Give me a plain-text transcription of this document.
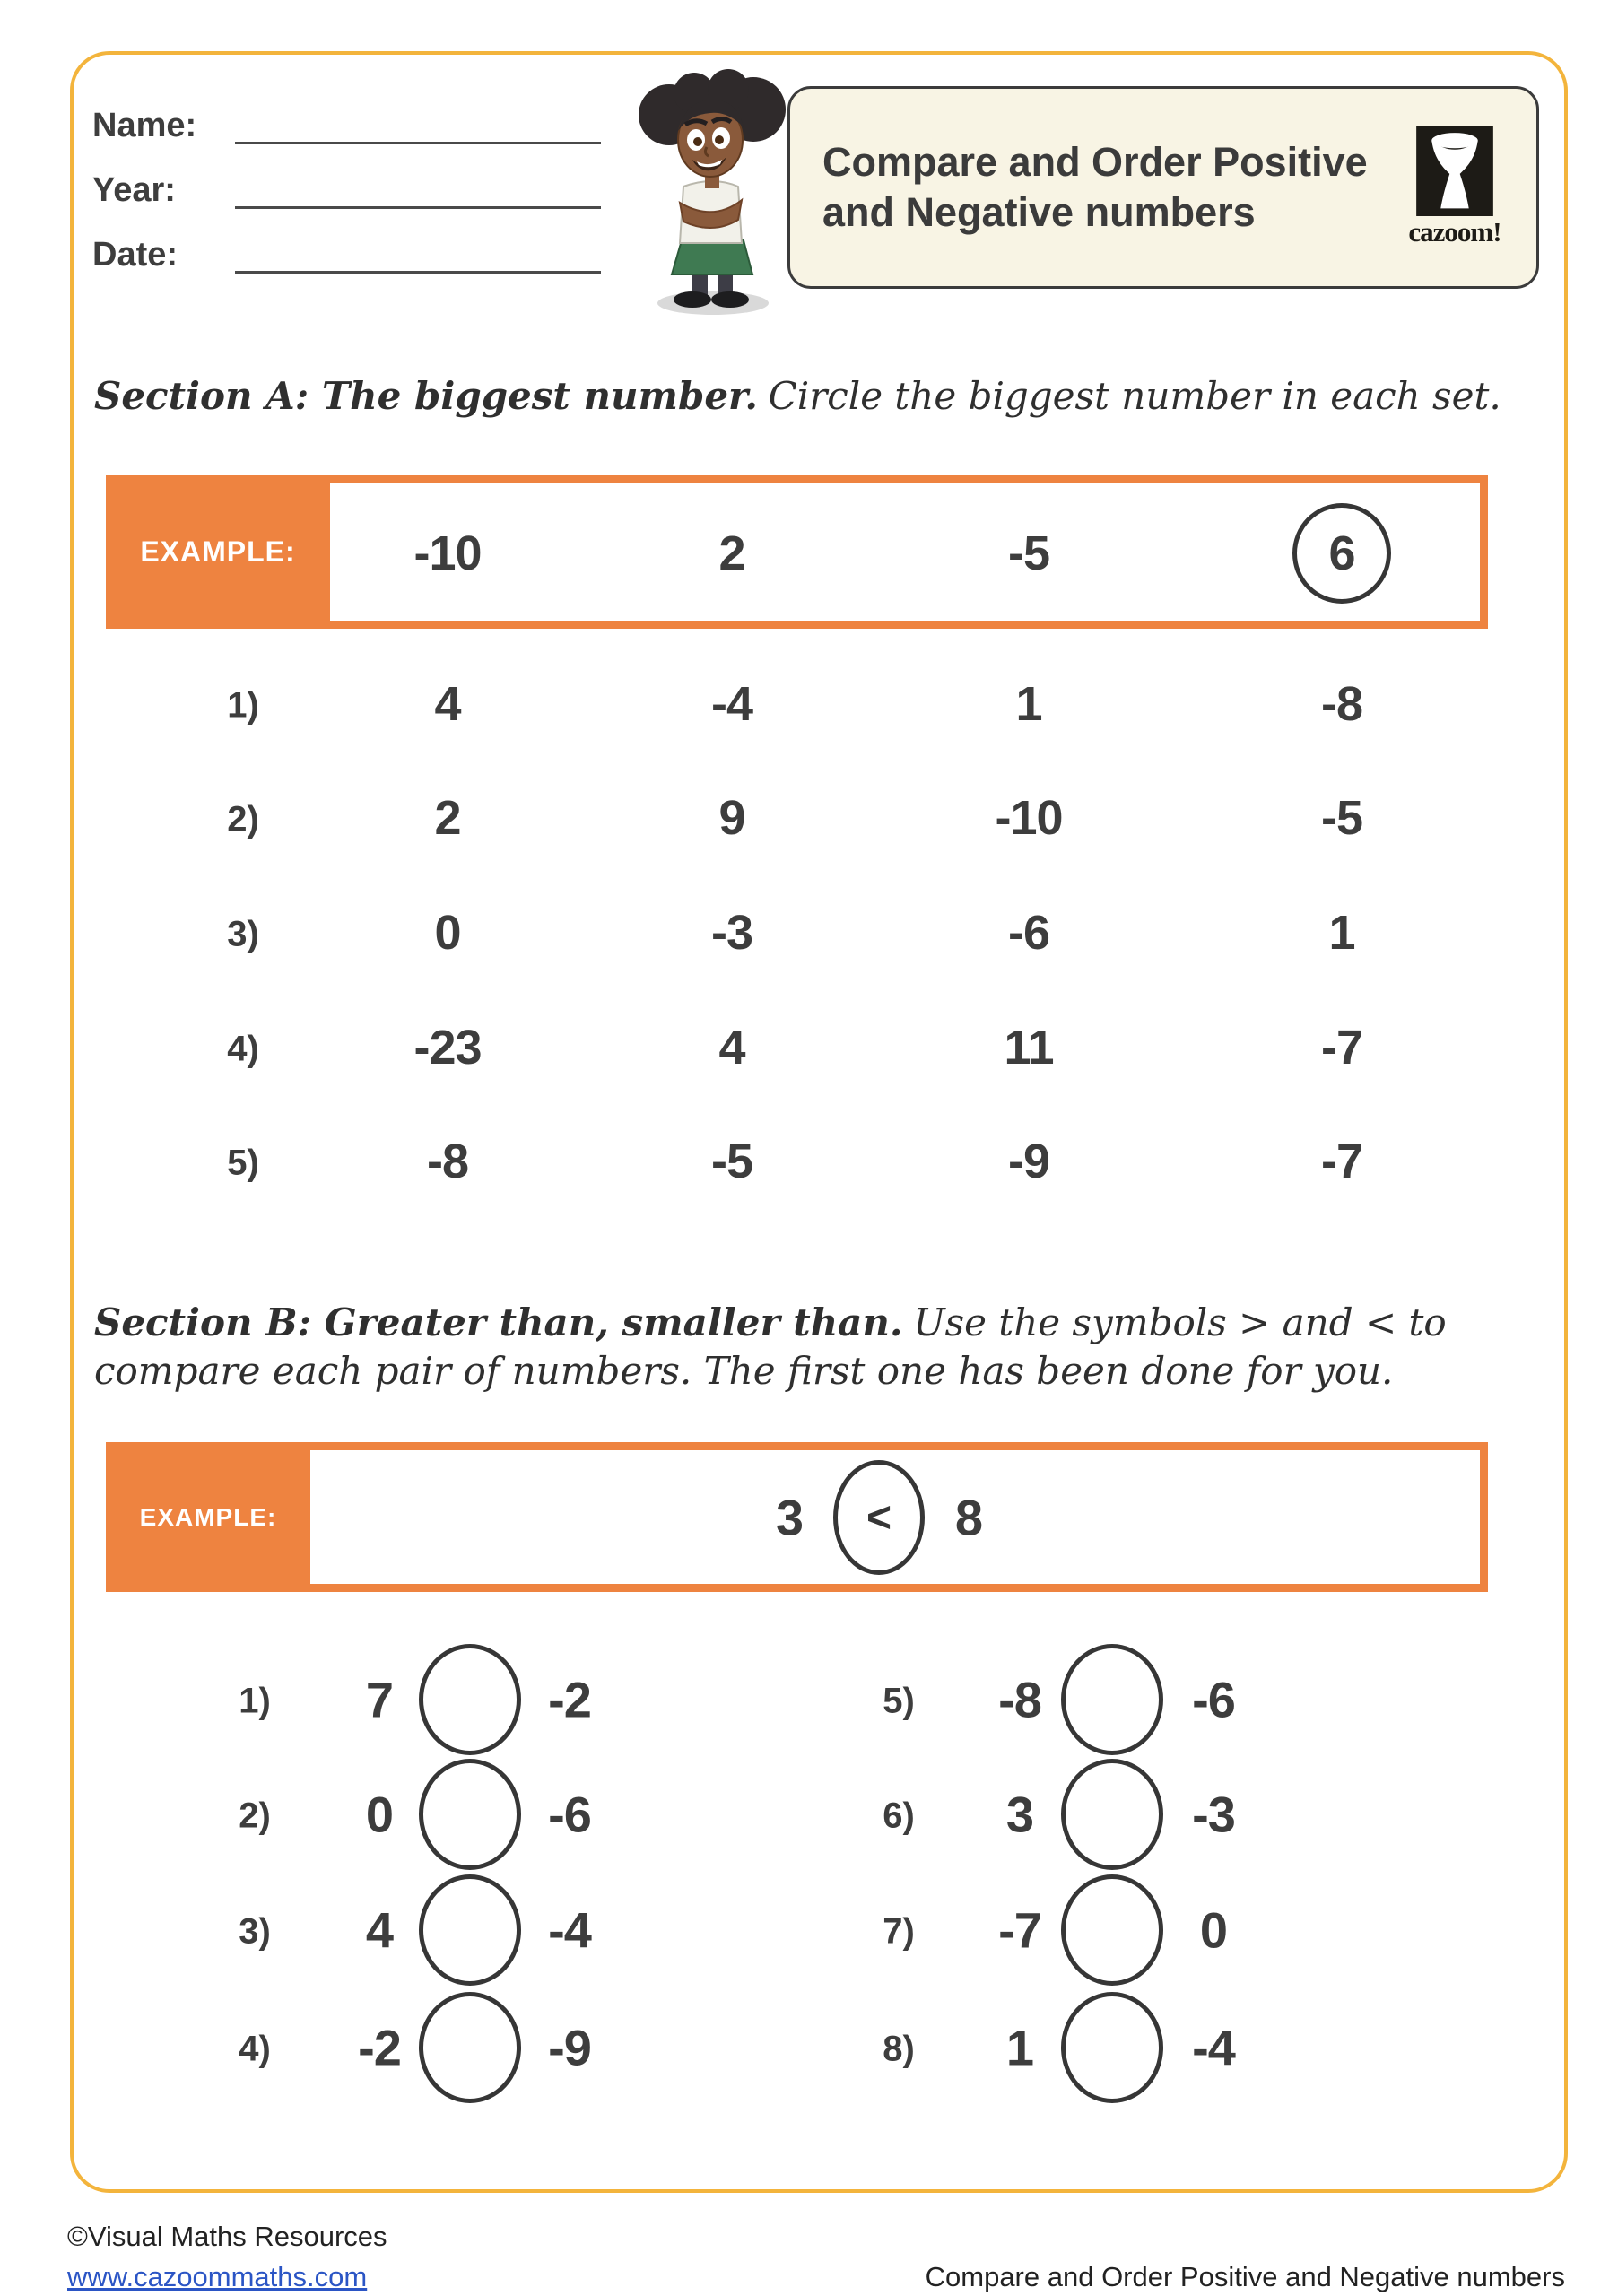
Name:
Year:
Date:
Compare and Order Positive
and Negative numbers	cazoom!
Section A: The biggest number. Circle the biggest number in each set.
EXAMPLE:	-10	2	-5	6
1)	4	-4	1	-8
2)	2	9	-10	-5
3)	0	-3	-6	1
4)	-23	4	11	-7
5)	-8	-5	-9	-7
Section B: Greater than, smaller than. Use the symbols > and < to compare each pair of numbers. The first one has been done for you.
EXAMPLE:	3 < 8
1) 7	-2
2) 0	-6
3) 4	-4
4) -2	-9
5) -8	-6
6) 3	-3
7) -7	0
8) 1	-4
©Visual Maths Resources
www.cazoommaths.com	Compare and Order Positive and Negative numbers
